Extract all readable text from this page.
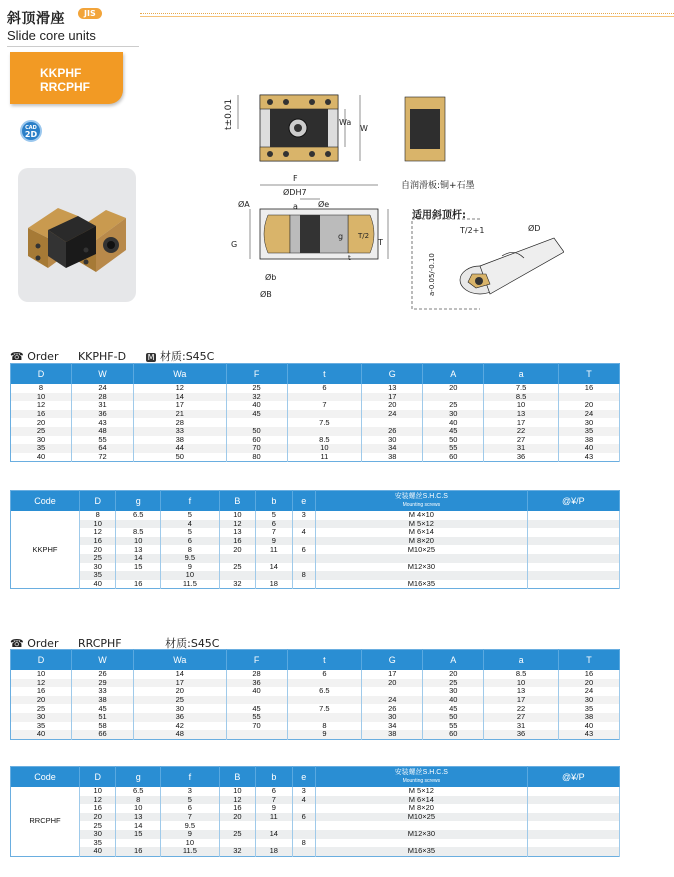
斜顶滑座	JIS
Slide core units
KKPHF
RRCPHF
CAD
2D
t±0.01	Wa
W
F
ØDH7
ØA	a	Øe
G
g T/2
T
t
Øb
ØB
自润滑板:铜+石墨
适用斜顶杆:
T/2+1	ØD
a-0.05/-0.10
☎ Order KKPHF-D	M 材质:S45C
D	W	Wa	F	t	G	A	a	T
8	24	12	25	6	13	20	7.5	16
10	28	14	32		17		8.5	
12	31	17	40	7	20	25	10	20
16	36	21	45		24	30	13	24
20	43	28		7.5		40	17	30
25	48	33	50		26	45	22	35
30	55	38	60	8.5	30	50	27	38
35	64	44	70	10	34	55	31	40
40	72	50	80	11	38	60	36	43
Code	D	g	f	B	b	e	安装螺丝S.H.C.S
Mounting screws	@¥/P
KKPHF	8	6.5	5	10	5	3	M 4×10	
	10		4	12	6		M 5×12	
	12	8.5	5	13	7	4	M 6×14	
	16	10	6	16	9		M 8×20	
	20	13	8	20	11	6	M10×25	
	25	14	9.5					
	30	15	9	25	14		M12×30	
	35		10			8		
	40	16	11.5	32	18		M16×35	
☎ Order RRCPHF	材质:S45C
D	W	Wa	F	t	G	A	a	T
10	26	14	28	6	17	20	8.5	16
12	29	17	36		20	25	10	20
16	33	20	40	6.5		30	13	24
20	38	25			24	40	17	30
25	45	30	45	7.5	26	45	22	35
30	51	36	55		30	50	27	38
35	58	42	70	8	34	55	31	40
40	66	48		9	38	60	36	43
Code	D	g	f	B	b	e	安装螺丝S.H.C.S
Mounting screws	@¥/P
RRCPHF	10	6.5	3	10	6	3	M 5×12	
	12	8	5	12	7	4	M 6×14	
	16	10	6	16	9		M 8×20	
	20	13	7	20	11	6	M10×25	
	25	14	9.5					
	30	15	9	25	14		M12×30	
	35		10			8		
	40	16	11.5	32	18		M16×35	
